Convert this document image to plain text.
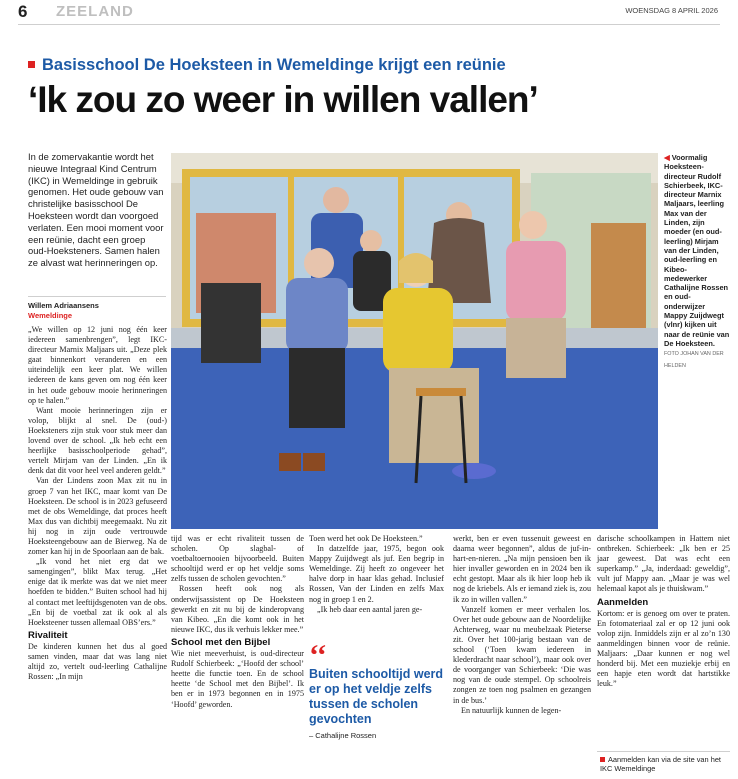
6 ZEELAND	WOENSDAG 8 APRIL 2026
Basisschool De Hoeksteen in Wemeldinge krijgt een reünie
‘Ik zou zo weer in willen vallen’
In de zomervakantie wordt het nieuwe Integraal Kind Centrum (IKC) in Wemeldinge in gebruik genomen. Het oude gebouw van christelijke basisschool De Hoeksteen wordt dan voorgoed verlaten. Een mooi moment voor een reünie, dacht een groep oud-Hoeksteners. Samen halen ze alvast wat herinneringen op.
Willem Adriaansens
Wemeldinge

„We willen op 12 juni nog één keer iedereen samenbrengen”, legt IKC-directeur Marnix Maljaars uit. „Deze plek gaat binnenkort veranderen en een uiteindelijk een keer plat. We willen iedereen de kans geven om nog één keer in het oude gebouw mooie herinneringen op te halen.”

Want mooie herinneringen zijn er volop, blijkt al snel. De (oud-) Hoeksteners zijn stuk voor stuk meer dan lovend over de school. „Ik heb echt een heerlijke basisschoolperiode gehad”, vertelt Mirjam van der Linden. „En ik denk dat dit voor heel veel anderen geldt.”

Van der Lindens zoon Max zit nu in groep 7 van het IKC, maar komt van De Hoeksteen. De school is in 2023 gefuseerd met de obs Wemeldinge, dat proces heeft Max dus van dichtbij meegemaakt. Nu zit hij nog in zijn oude vertrouwde Hoeksteengebouw aan de Bierweg. Na de zomer kan hij in de Spoorlaan aan de bak.

„Ik vond het niet erg dat we samengingen”, blikt Max terug. „Het enige dat ik merkte was dat we niet meer hoefden te bidden.” Buiten school had hij al contact met leeftijdsgenoten van de obs. „En bij de voetbal zat ik ook al als Hoeksteener tussen allemaal OBS’ers.”

Rivaliteit

De kinderen kunnen het dus al goed samen vinden, maar dat was lang niet altijd zo, vertelt oud-leerling Cathalijne Rossen: „In mijn

◀ Voormalig Hoeksteen-directeur Rudolf Schierbeek, IKC-directeur Marnix Maljaars, leerling Max van der Linden, zijn moeder (en oud-leerling) Mirjam van der Linden, oud-leerling en Kibeo-medewerker Cathalijne Rossen en oud-onderwijzer Mappy Zuijdwegt (vlnr) kijken uit naar de reünie van De Hoeksteen. FOTO JOHAN VAN DER HELDEN

tijd was er echt rivaliteit tussen de scholen. Op slagbal- of voetbaltoernooien bijvoorbeeld. Buiten schooltijd werd er op het veldje soms zelfs tussen de scholen gevochten.”

Rossen heeft ook nog als onderwijsassistent op De Hoeksteen gewerkt en zit nu bij de kinderopvang van Kibeo. „En die komt ook in het nieuwe IKC, dus ik verhuis lekker mee.”

School met den Bijbel

Wie niet meeverhuist, is oud-directeur Rudolf Schierbeek: „‘Hoofd der school’ heette die functie toen. En de school heette ‘de School met den Bijbel’. Ik ben er in 1973 begonnen en in 1975 ‘Hoofd’ geworden.

Toen werd het ook De Hoeksteen.”

In datzelfde jaar, 1975, begon ook Mappy Zuijdwegt als juf. Een begrip in Wemeldinge. Zij heeft zo ongeveer het halve dorp in haar klas gehad. Inclusief Rossen, Van der Linden en zelfs Max nog in groep 1 en 2.

„Ik heb daar een aantal jaren ge-

‘‘
Buiten schooltijd werd er op het veldje zelfs tussen de scholen gevochten
– Cathalijne Rossen

werkt, ben er even tussenuit geweest en daarna weer begonnen”, aldus de juf-in-hart-en-nieren. „Na mijn pensioen ben ik hier invaller geworden en in 2024 ben ik echt gestopt. Maar als ik hier loop heb ik nog de kriebels. Als er iemand ziek is, zou ik zo in willen vallen.”

Vanzelf komen er meer verhalen los. Over het oude gebouw aan de Noordelijke Achterweg, waar nu meubelzaak Pieterse zit. Over het 100-jarig bestaan van de school (‘Toen kwam iedereen in klederdracht naar school’), maar ook over de voorganger van Schierbeek: ‘Die was nog van de oude stempel. Op schoolreis zongen ze toen nog psalmen en gezangen in de bus.’

En natuurlijk kunnen de legen-

darische schoolkampen in Hattem niet ontbreken. Schierbeek: „Ik ben er 25 jaar geweest. Dat was echt een superkamp.” „Ja, inderdaad: geweldig”, vult juf Mappy aan. „Maar je was wel helemaal kapot als je thuiskwam.”

Aanmelden

Kortom: er is genoeg om over te praten. En fotomateriaal zal er op 12 juni ook volop zijn. Inmiddels zijn er al zo’n 130 aanmeldingen binnen voor de reünie. Maljaars: „Daar kunnen er nog wel honderd bij. Met een muziekje erbij en een hapje eten wordt dat hartstikke leuk.”

Aanmelden kan via de site van het IKC Wemeldinge
